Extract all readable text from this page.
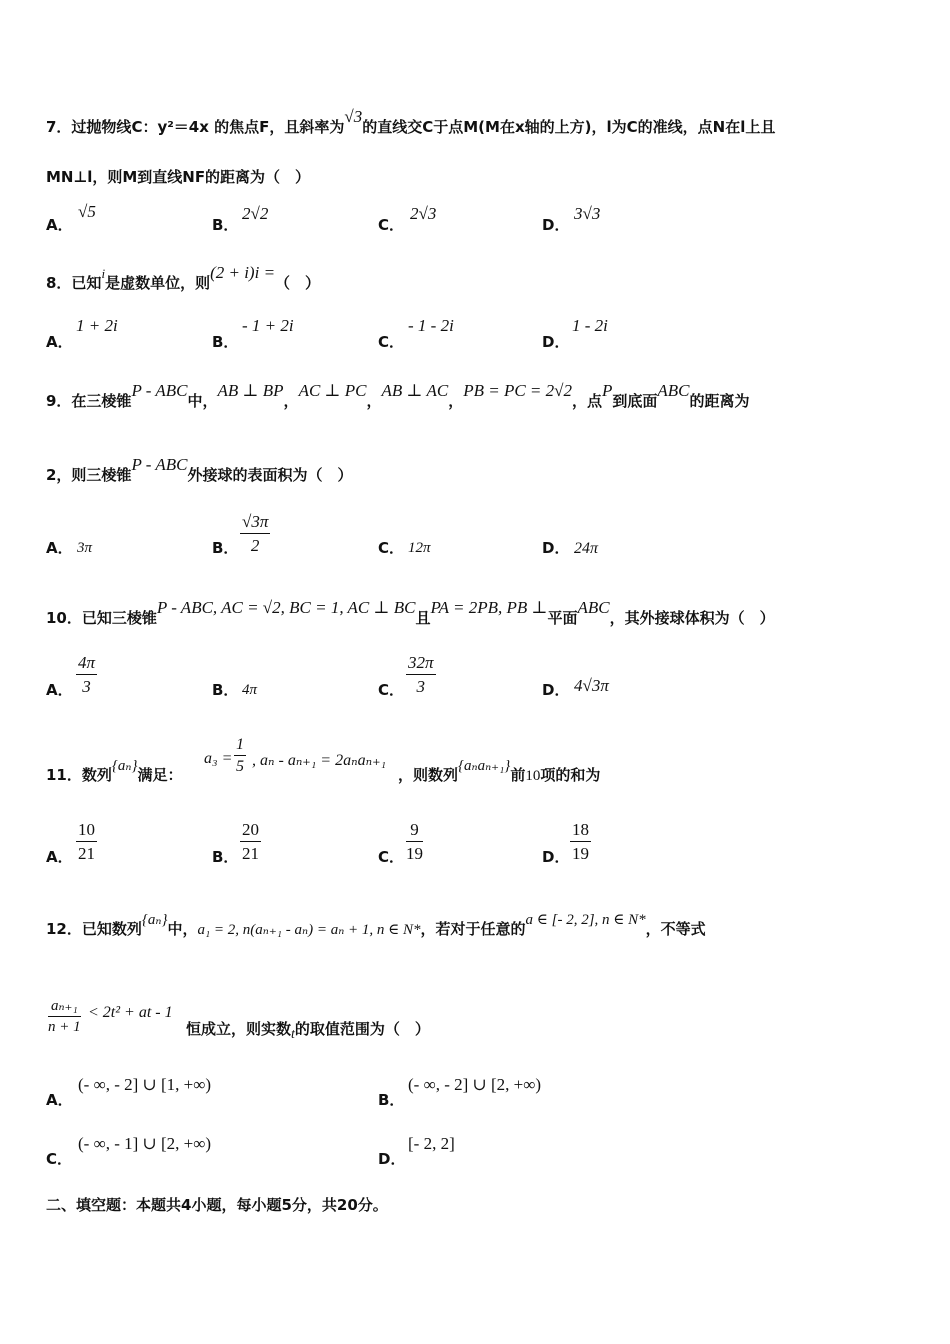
7．过抛物线C：y²＝4x 的焦点F，且斜率为√3的直线交C于点M(M在x轴的上方)，l为C的准线，点N在l上且
MN⊥l，则M到直线NF的距离为（　）
A．
√5
B．
2√2
C．
2√3
D．
3√3
8．已知i是虚数单位，则(2 + i)i =（　）
A．
1 + 2i
B．
- 1 + 2i
C．
- 1 - 2i
D．
1 - 2i
9．在三棱锥P - ABC中，AB ⊥ BP，AC ⊥ PC，AB ⊥ AC，PB = PC = 2√2，点P到底面ABC的距离为
2，则三棱锥P - ABC外接球的表面积为（　）
A． 3π	B． $\frac{√3\pi}{2}$	C． 12π	D． 24π
10．已知三棱锥P - ABC, AC = √2, BC = 1, AC ⊥ BC且PA = 2PB, PB ⊥平面ABC，其外接球体积为（　）
A． $\frac{4\pi}{3}$	B． 4π	C． $\frac{32\pi}{3}$	D． 4√3π
11．数列{aₙ}满足：
$a_3 = \frac{1}{5}$ , aₙ - aₙ₊₁ = 2aₙaₙ₊₁
，则数列{aₙaₙ₊₁}前10项的和为
A． $\frac{10}{21}$	B． $\frac{20}{21}$	C． $\frac{9}{19}$	D． $\frac{18}{19}$
12．已知数列{aₙ}中，a₁ = 2, n(aₙ₊₁ - aₙ) = aₙ + 1, n ∈ N*，若对于任意的a ∈ [- 2, 2], n ∈ N*，不等式
$\frac{\text{aₙ₊₁}}{n + 1} < 2t^2$ + at - 1
恒成立，则实数t的取值范围为（　）
A．
(- ∞, - 2] ∪ [1, +∞)
B．
(- ∞, - 2] ∪ [2, +∞)
C．
(- ∞, - 1] ∪ [2, +∞)
D．
[- 2, 2]
二、填空题：本题共4小题，每小题5分，共20分。
